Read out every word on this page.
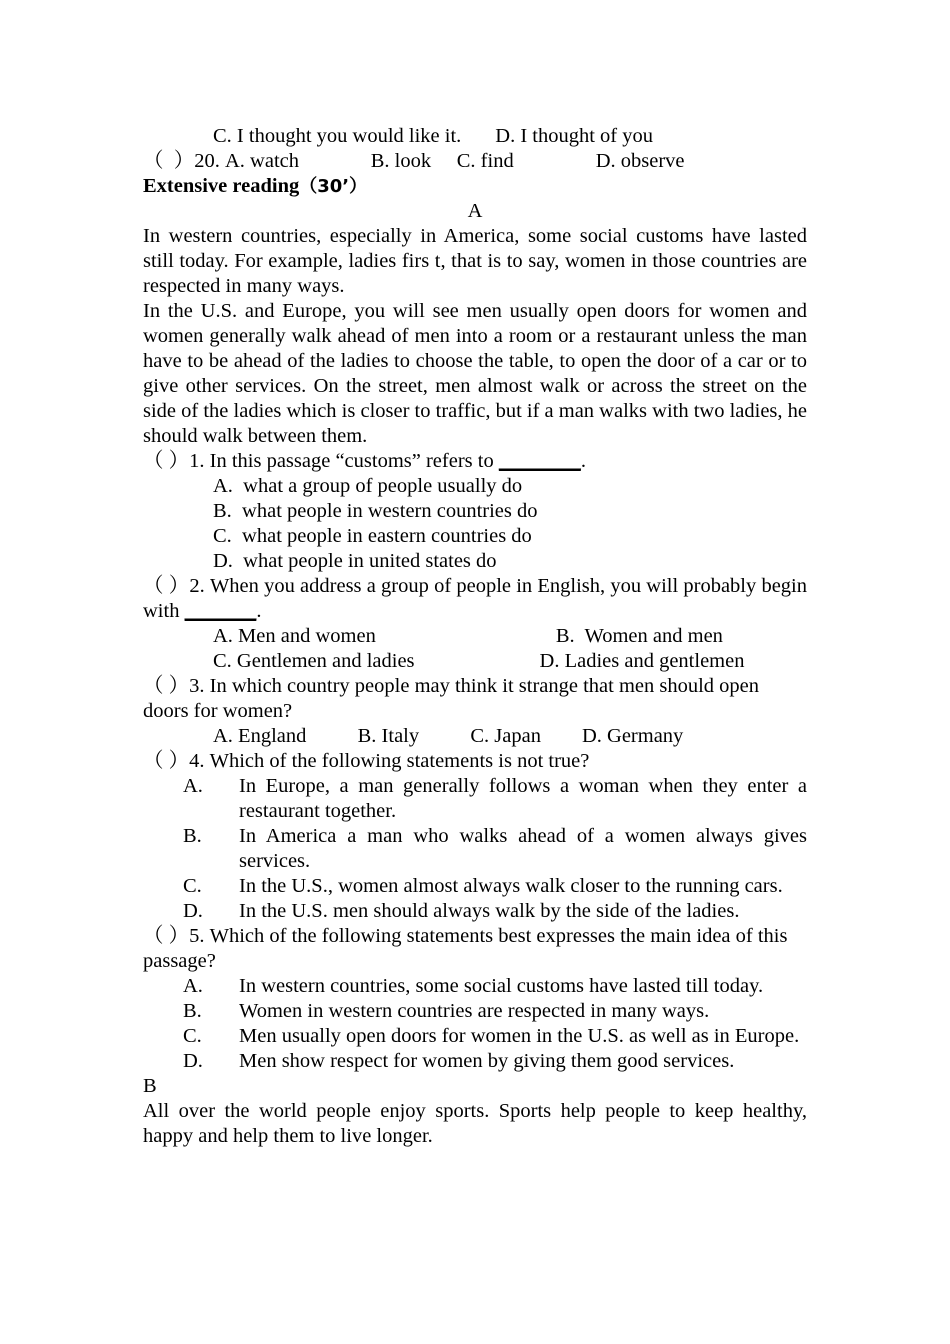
C. I thought you would like it. D. I thought of you

（  ）20. A. watch              B. look     C. find                D. observe

Extensive reading（30’）

A

In western countries, especially in America, some social customs have lasted still today. For example, ladies firs t, that is to say, women in those countries are respected in many ways.

In the U.S. and Europe, you will see men usually open doors for women and women generally walk ahead of men into a room or a restaurant unless the man have to be ahead of the ladies to choose the table, to open the door of a car or to give other services. On the street, men almost walk or across the street on the side of the ladies which is closer to traffic, but if a man walks with two ladies, he should walk between them.

（ ）1. In this passage “customs” refers to ________.

A.  what a group of people usually do

B.  what people in western countries do

C.  what people in eastern countries do

D.  what people in united states do

（ ）2. When you address a group of people in English, you will probably begin with _______.

A. Men and women	B.  Women and men

C. Gentlemen and ladies	D. Ladies and gentlemen

（ ）3. In which country people may think it strange that men should open doors for women?

A. England          B. Italy          C. Japan        D. Germany

（ ）4. Which of the following statements is not true?

A. In Europe, a man generally follows a woman when they enter a restaurant together.

B. In America a man who walks ahead of a women always gives services.

C. In the U.S., women almost always walk closer to the running cars.

D. In the U.S. men should always walk by the side of the ladies.

（ ）5. Which of the following statements best expresses the main idea of this passage?

A. In western countries, some social customs have lasted till today.

B. Women in western countries are respected in many ways.

C. Men usually open doors for women in the U.S. as well as in Europe.

D. Men show respect for women by giving them good services.

B

All over the world people enjoy sports. Sports help people to keep healthy, happy and help them to live longer.
